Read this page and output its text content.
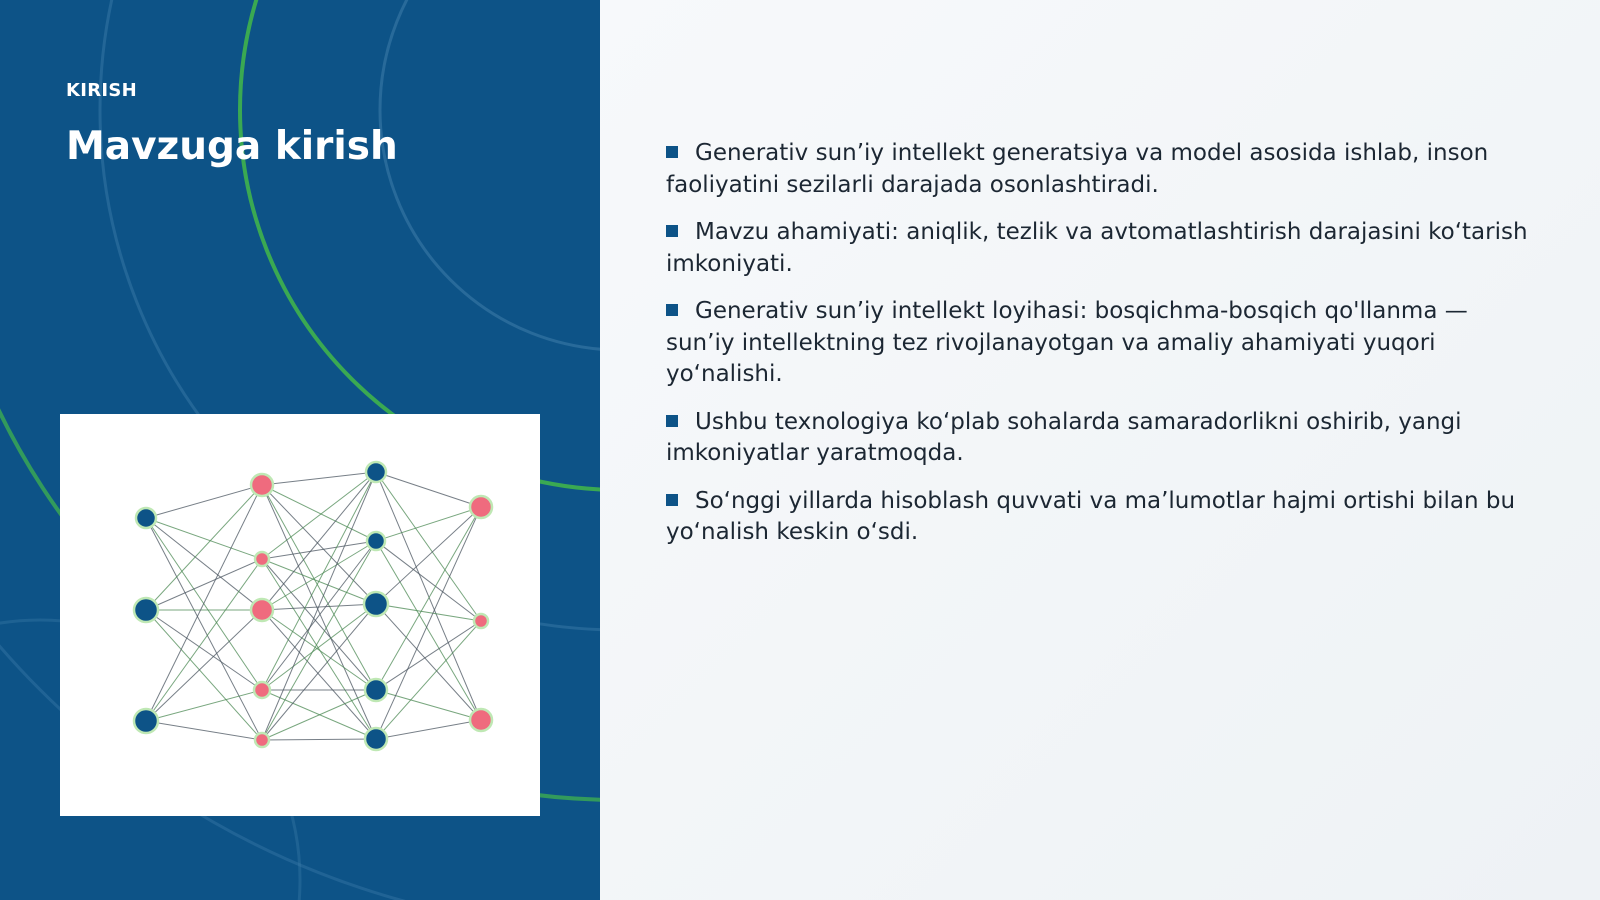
KIRISH
Mavzuga kirish	Generativ sun’iy intellekt generatsiya va model asosida ishlab, inson faoliyatini sezilarli darajada osonlashtiradi.
Mavzu ahamiyati: aniqlik, tezlik va avtomatlashtirish darajasini ko‘tarish imkoniyati.
Generativ sun’iy intellekt loyihasi: bosqichma-bosqich qo'llanma — sun’iy intellektning tez rivojlanayotgan va amaliy ahamiyati yuqori yo‘nalishi.
Ushbu texnologiya ko‘plab sohalarda samaradorlikni oshirib, yangi imkoniyatlar yaratmoqda.
So‘nggi yillarda hisoblash quvvati va ma’lumotlar hajmi ortishi bilan bu yo‘nalish keskin o‘sdi.
